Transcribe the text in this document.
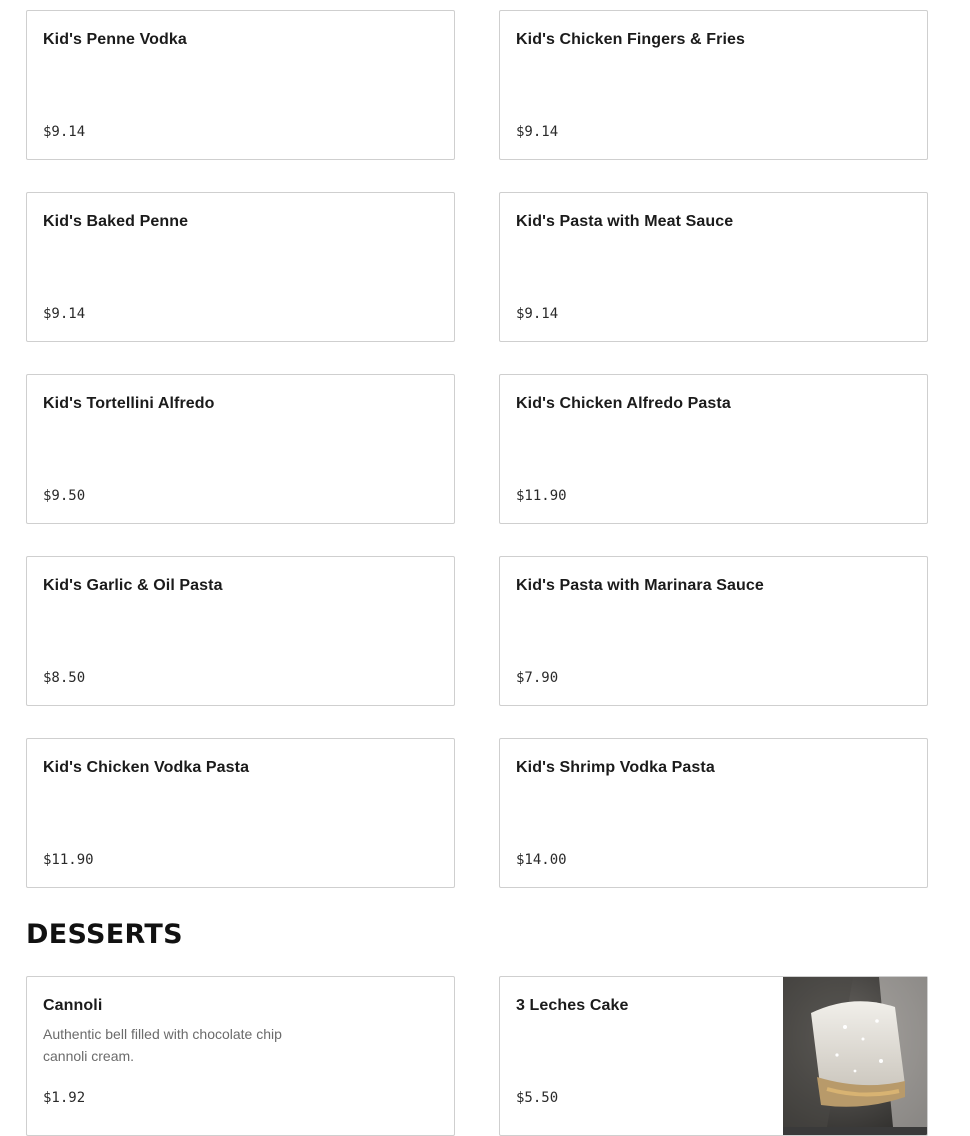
Kid's Penne Vodka
$9.14
Kid's Chicken Fingers & Fries
$9.14
Kid's Baked Penne
$9.14
Kid's Pasta with Meat Sauce
$9.14
Kid's Tortellini Alfredo
$9.50
Kid's Chicken Alfredo Pasta
$11.90
Kid's Garlic & Oil Pasta
$8.50
Kid's Pasta with Marinara Sauce
$7.90
Kid's Chicken Vodka Pasta
$11.90
Kid's Shrimp Vodka Pasta
$14.00
DESSERTS
Cannoli
Authentic bell filled with chocolate chip cannoli cream.
$1.92
3 Leches Cake
$5.50
